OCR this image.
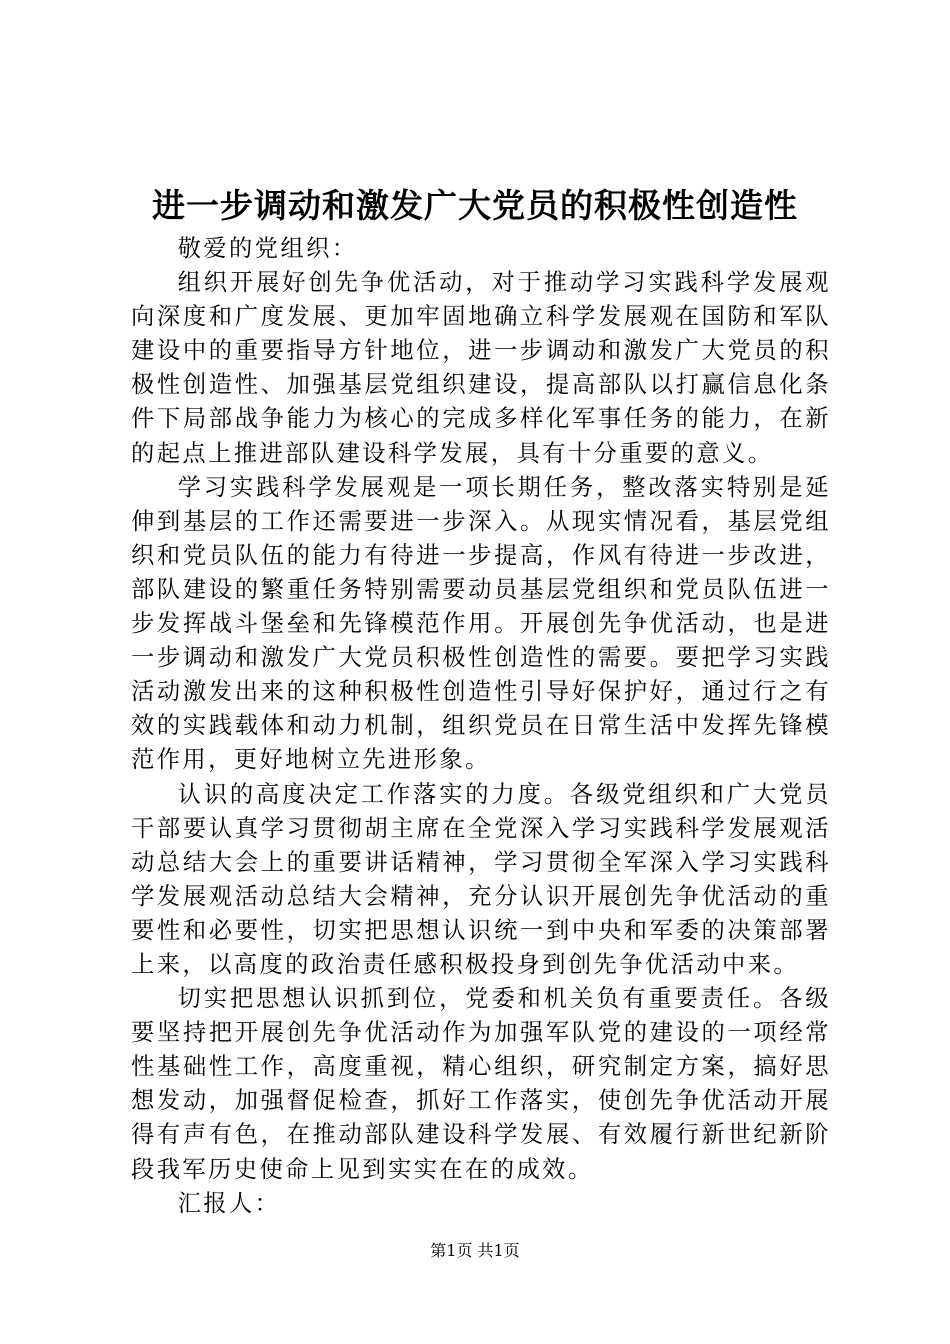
进一步调动和激发广大党员的积极性创造性

敬爱的党组织：

组织开展好创先争优活动，对于推动学习实践科学发展观向深度和广度发展、更加牢固地确立科学发展观在国防和军队建设中的重要指导方针地位，进一步调动和激发广大党员的积极性创造性、加强基层党组织建设，提高部队以打赢信息化条件下局部战争能力为核心的完成多样化军事任务的能力，在新的起点上推进部队建设科学发展，具有十分重要的意义。

学习实践科学发展观是一项长期任务，整改落实特别是延伸到基层的工作还需要进一步深入。从现实情况看，基层党组织和党员队伍的能力有待进一步提高，作风有待进一步改进，部队建设的繁重任务特别需要动员基层党组织和党员队伍进一步发挥战斗堡垒和先锋模范作用。开展创先争优活动，也是进一步调动和激发广大党员积极性创造性的需要。要把学习实践活动激发出来的这种积极性创造性引导好保护好，通过行之有效的实践载体和动力机制，组织党员在日常生活中发挥先锋模范作用，更好地树立先进形象。

认识的高度决定工作落实的力度。各级党组织和广大党员干部要认真学习贯彻胡主席在全党深入学习实践科学发展观活动总结大会上的重要讲话精神，学习贯彻全军深入学习实践科学发展观活动总结大会精神，充分认识开展创先争优活动的重要性和必要性，切实把思想认识统一到中央和军委的决策部署上来，以高度的政治责任感积极投身到创先争优活动中来。

切实把思想认识抓到位，党委和机关负有重要责任。各级要坚持把开展创先争优活动作为加强军队党的建设的一项经常性基础性工作，高度重视，精心组织，研究制定方案，搞好思想发动，加强督促检查，抓好工作落实，使创先争优活动开展得有声有色，在推动部队建设科学发展、有效履行新世纪新阶段我军历史使命上见到实实在在的成效。

汇报人：

第1页 共1页
